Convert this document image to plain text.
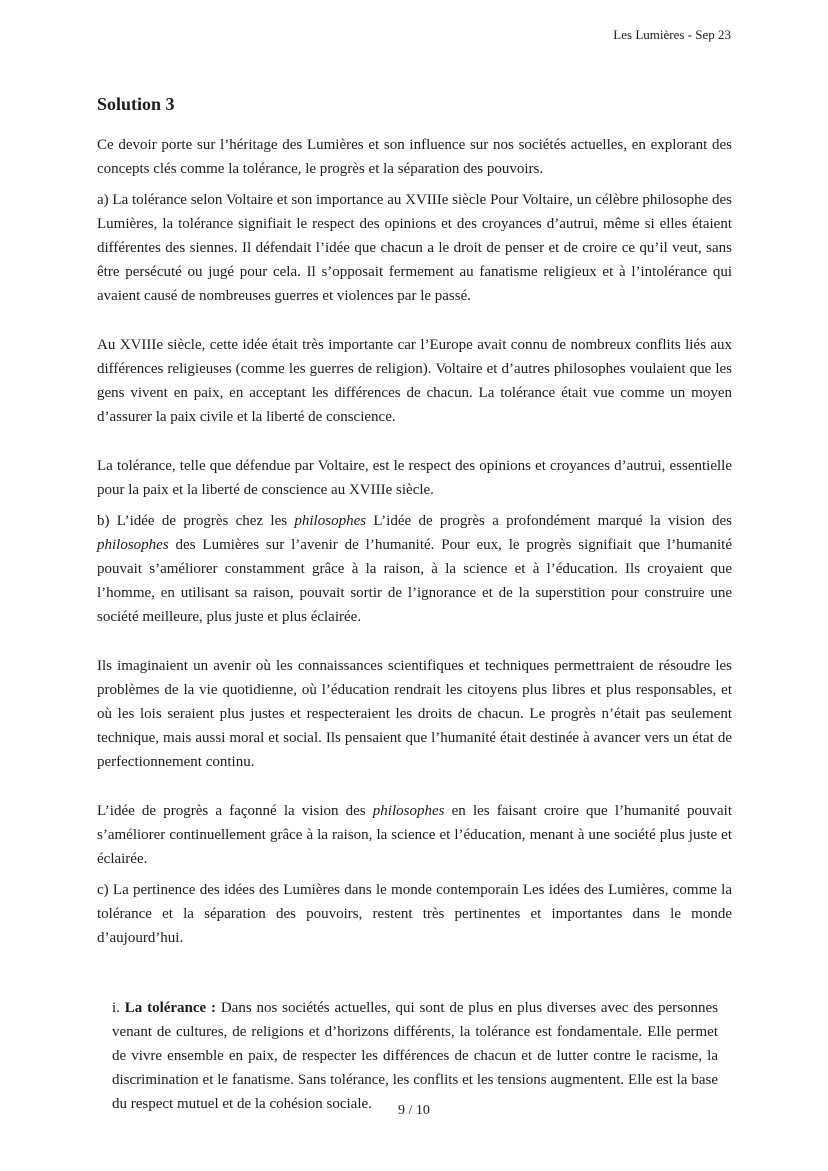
Les Lumières - Sep 23
Solution 3

Ce devoir porte sur l’héritage des Lumières et son influence sur nos sociétés actuelles, en explorant des concepts clés comme la tolérance, le progrès et la séparation des pouvoirs.

a) La tolérance selon Voltaire et son importance au XVIIIe siècle Pour Voltaire, un célèbre philosophe des Lumières, la tolérance signifiait le respect des opinions et des croyances d’autrui, même si elles étaient différentes des siennes. Il défendait l’idée que chacun a le droit de penser et de croire ce qu’il veut, sans être persécuté ou jugé pour cela. Il s’opposait fermement au fanatisme religieux et à l’intolérance qui avaient causé de nombreuses guerres et violences par le passé.

Au XVIIIe siècle, cette idée était très importante car l’Europe avait connu de nombreux conflits liés aux différences religieuses (comme les guerres de religion). Voltaire et d’autres philosophes voulaient que les gens vivent en paix, en acceptant les différences de chacun. La tolérance était vue comme un moyen d’assurer la paix civile et la liberté de conscience.

La tolérance, telle que défendue par Voltaire, est le respect des opinions et croyances d’autrui, essentielle pour la paix et la liberté de conscience au XVIIIe siècle.

b) L’idée de progrès chez les philosophes L’idée de progrès a profondément marqué la vision des philosophes des Lumières sur l’avenir de l’humanité. Pour eux, le progrès signifiait que l’humanité pouvait s’améliorer constamment grâce à la raison, à la science et à l’éducation. Ils croyaient que l’homme, en utilisant sa raison, pouvait sortir de l’ignorance et de la superstition pour construire une société meilleure, plus juste et plus éclairée.

Ils imaginaient un avenir où les connaissances scientifiques et techniques permettraient de résoudre les problèmes de la vie quotidienne, où l’éducation rendrait les citoyens plus libres et plus responsables, et où les lois seraient plus justes et respecteraient les droits de chacun. Le progrès n’était pas seulement technique, mais aussi moral et social. Ils pensaient que l’humanité était destinée à avancer vers un état de perfectionnement continu.

L’idée de progrès a façonné la vision des philosophes en les faisant croire que l’humanité pouvait s’améliorer continuellement grâce à la raison, la science et l’éducation, menant à une société plus juste et éclairée.

c) La pertinence des idées des Lumières dans le monde contemporain Les idées des Lumières, comme la tolérance et la séparation des pouvoirs, restent très pertinentes et importantes dans le monde d’aujourd’hui.

i. La tolérance : Dans nos sociétés actuelles, qui sont de plus en plus diverses avec des personnes venant de cultures, de religions et d’horizons différents, la tolérance est fondamentale. Elle permet de vivre ensemble en paix, de respecter les différences de chacun et de lutter contre le racisme, la discrimination et le fanatisme. Sans tolérance, les conflits et les tensions augmentent. Elle est la base du respect mutuel et de la cohésion sociale.	9 / 10
